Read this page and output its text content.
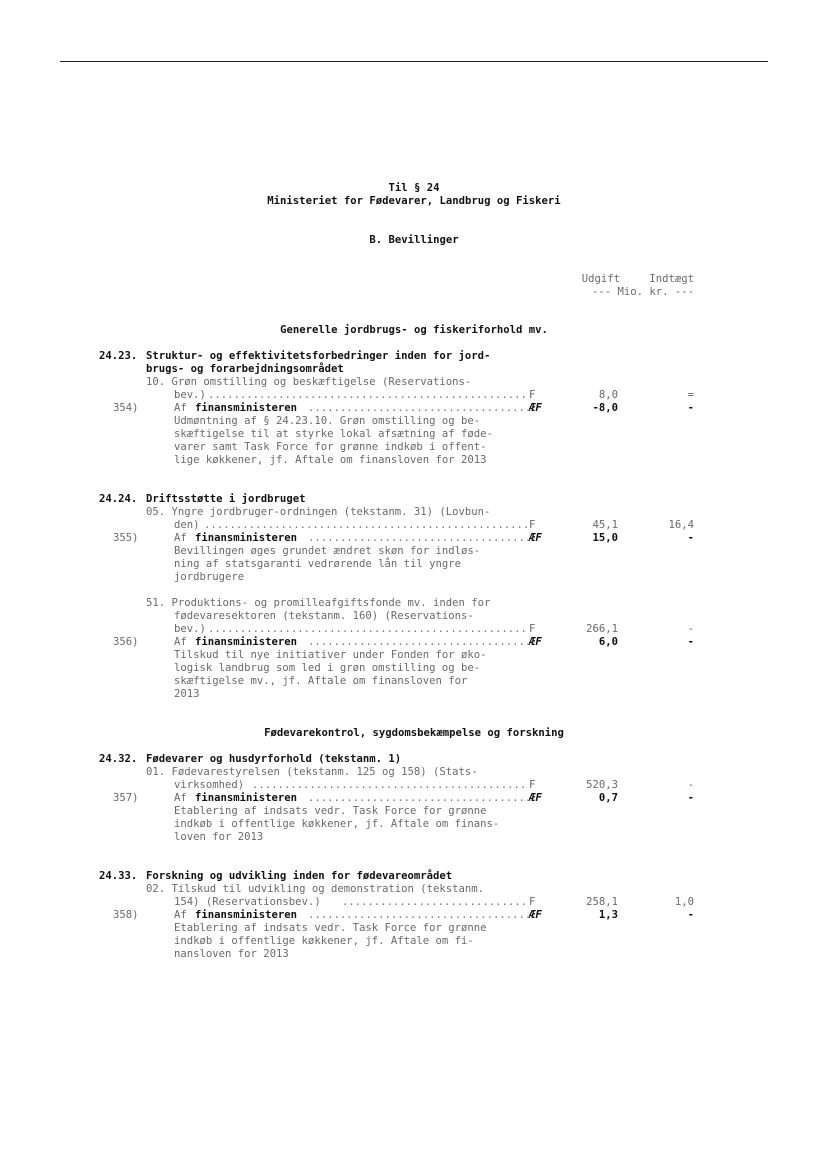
Til § 24
Ministeriet for Fødevarer, Landbrug og Fiskeri
B. Bevillinger
Udgift	Indtægt
--- Mio. kr. ---
Generelle jordbrugs- og fiskeriforhold mv.
24.23. Struktur- og effektivitetsforbedringer inden for jord-
brugs- og forarbejdningsområdet
10. Grøn omstilling og beskæftigelse (Reservations-
bev.) .....	F	8,0	=
354)	Af finansministeren .....	ÆF	-8,0	-
Udmøntning af § 24.23.10. Grøn omstilling og be-
skæftigelse til at styrke lokal afsætning af føde-
varer samt Task Force for grønne indkøb i offent-
lige køkkener, jf. Aftale om finansloven for 2013
24.24. Driftsstøtte i jordbruget
05. Yngre jordbruger-ordningen (tekstanm. 31) (Lovbun-
den) .....	F	45,1	16,4
355)	Af finansministeren .....	ÆF	15,0	-
Bevillingen øges grundet ændret skøn for indløs-
ning af statsgaranti vedrørende lån til yngre
jordbrugere
51. Produktions- og promilleafgiftsfonde mv. inden for
fødevaresektoren (tekstanm. 160) (Reservations-
bev.) .....	F	266,1	-
356)	Af finansministeren .....	ÆF	6,0	-
Tilskud til nye initiativer under Fonden for øko-
logisk landbrug som led i grøn omstilling og be-
skæftigelse mv., jf. Aftale om finansloven for
2013
Fødevarekontrol, sygdomsbekæmpelse og forskning
24.32. Fødevarer og husdyrforhold (tekstanm. 1)
01. Fødevarestyrelsen (tekstanm. 125 og 158) (Stats-
virksomhed) .....	F	520,3	-
357)	Af finansministeren .....	ÆF	0,7	-
Etablering af indsats vedr. Task Force for grønne
indkøb i offentlige køkkener, jf. Aftale om finans-
loven for 2013
24.33. Forskning og udvikling inden for fødevareområdet
02. Tilskud til udvikling og demonstration (tekstanm.
154) (Reservationsbev.) .....	F	258,1	1,0
358)	Af finansministeren .....	ÆF	1,3	-
Etablering af indsats vedr. Task Force for grønne
indkøb i offentlige køkkener, jf. Aftale om fi-
nansloven for 2013
